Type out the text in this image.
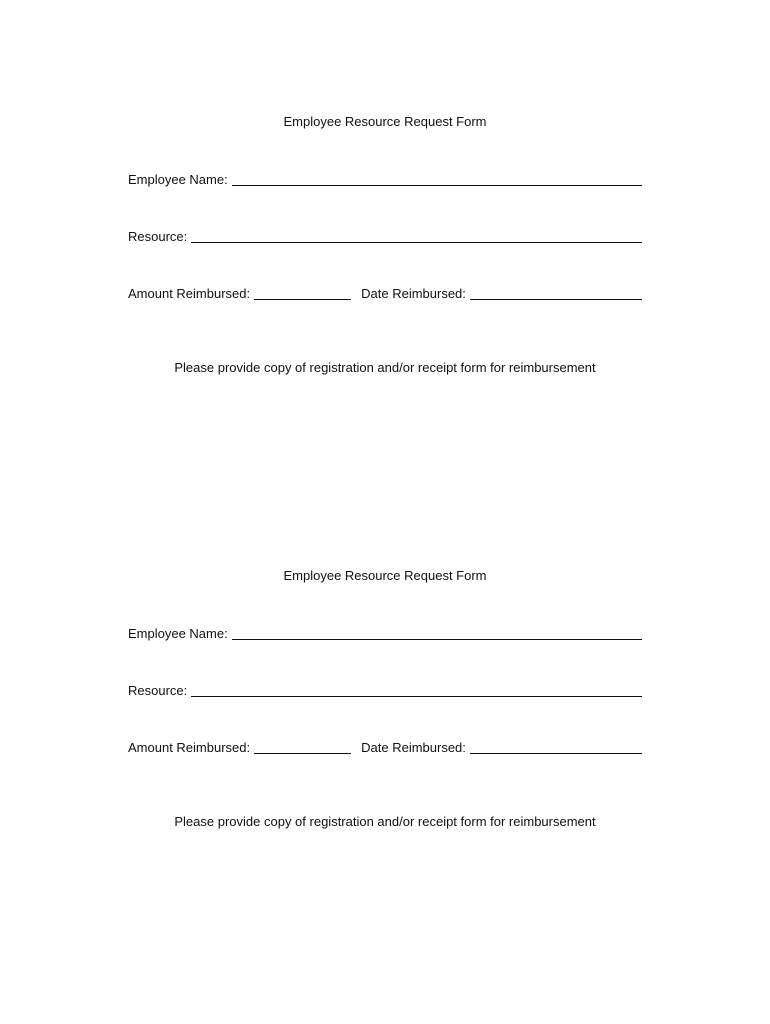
Employee Resource Request Form
Employee Name:
Resource:
Amount Reimbursed:	Date Reimbursed:
Please provide copy of registration and/or receipt form for reimbursement
Employee Resource Request Form
Employee Name:
Resource:
Amount Reimbursed:	Date Reimbursed:
Please provide copy of registration and/or receipt form for reimbursement
